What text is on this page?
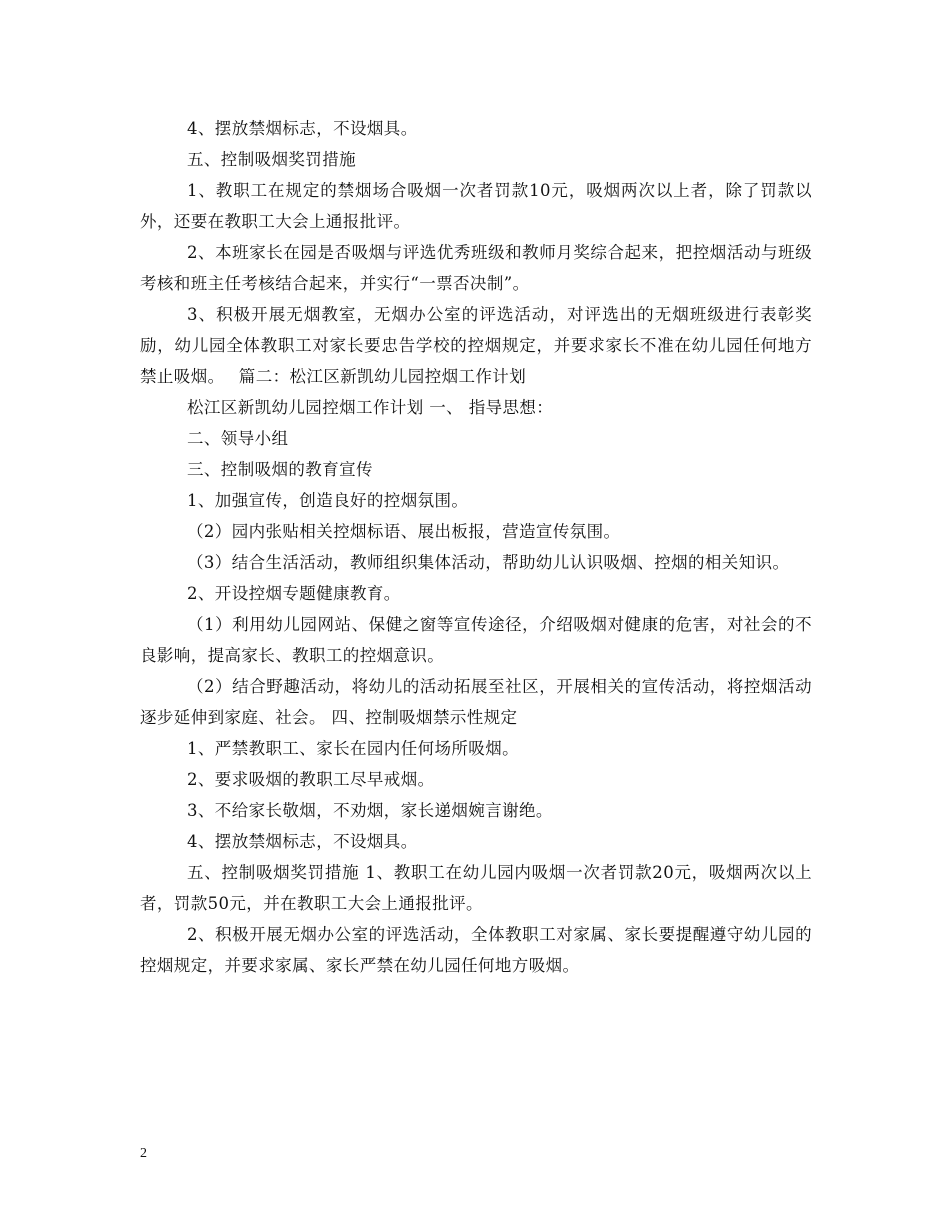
4、摆放禁烟标志，不设烟具。

五、控制吸烟奖罚措施

1、教职工在规定的禁烟场合吸烟一次者罚款10元，吸烟两次以上者，除了罚款以外，还要在教职工大会上通报批评。

2、本班家长在园是否吸烟与评选优秀班级和教师月奖综合起来，把控烟活动与班级考核和班主任考核结合起来，并实行“一票否决制”。

3、积极开展无烟教室，无烟办公室的评选活动，对评选出的无烟班级进行表彰奖励，幼儿园全体教职工对家长要忠告学校的控烟规定，并要求家长不准在幼儿园任何地方禁止吸烟。　 篇二：松江区新凯幼儿园控烟工作计划

松江区新凯幼儿园控烟工作计划 一、 指导思想：

二、领导小组

三、控制吸烟的教育宣传

1、加强宣传，创造良好的控烟氛围。

（2）园内张贴相关控烟标语、展出板报，营造宣传氛围。

（3）结合生活活动，教师组织集体活动，帮助幼儿认识吸烟、控烟的相关知识。

2、开设控烟专题健康教育。

（1）利用幼儿园网站、保健之窗等宣传途径，介绍吸烟对健康的危害，对社会的不良影响，提高家长、教职工的控烟意识。

（2）结合野趣活动，将幼儿的活动拓展至社区，开展相关的宣传活动，将控烟活动逐步延伸到家庭、社会。 四、控制吸烟禁示性规定

1、严禁教职工、家长在园内任何场所吸烟。

2、要求吸烟的教职工尽早戒烟。

3、不给家长敬烟，不劝烟，家长递烟婉言谢绝。

4、摆放禁烟标志，不设烟具。

五、控制吸烟奖罚措施 1、教职工在幼儿园内吸烟一次者罚款20元，吸烟两次以上者，罚款50元，并在教职工大会上通报批评。

2、积极开展无烟办公室的评选活动，全体教职工对家属、家长要提醒遵守幼儿园的控烟规定，并要求家属、家长严禁在幼儿园任何地方吸烟。

2
